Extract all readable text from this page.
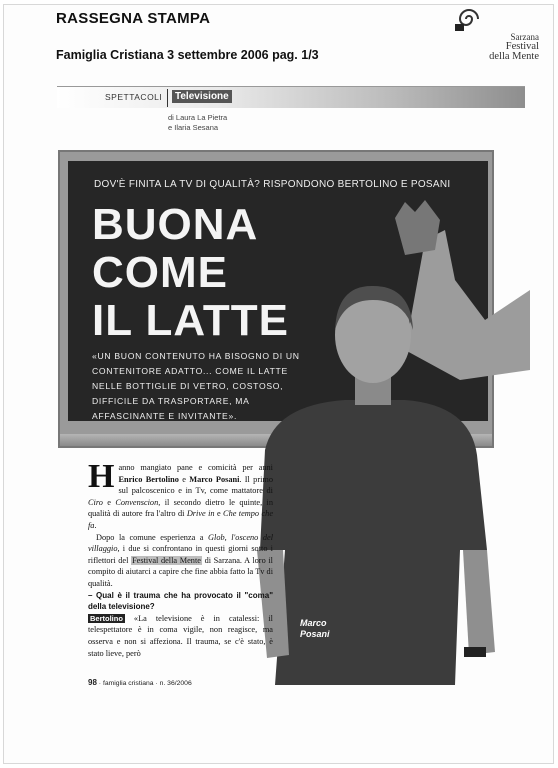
RASSEGNA STAMPA
Famiglia Cristiana 3 settembre 2006 pag. 1/3
Sarzana
Festival
della Mente
SPETTACOLI	Televisione
di Laura La Pietra
e Ilaria Sesana
DOV'È FINITA LA TV DI QUALITÀ? RISPONDONO BERTOLINO E POSANI
BUONA
COME
IL LATTE
«UN BUON CONTENUTO HA BISOGNO DI UN CONTENITORE ADATTO... COME IL LATTE NELLE BOTTIGLIE DI VETRO, COSTOSO, DIFFICILE DA TRASPORTARE, MA AFFASCINANTE E INVITANTE».

Hanno mangiato pane e comicità per anni Enrico Bertolino e Marco Posani. Il primo sul palcoscenico e in Tv, come mattatore di Ciro e Convenscion, il secondo dietro le quinte, in qualità di autore fra l'altro di Drive in e Che tempo che fa.

Dopo la comune esperienza a Glob, l'osceno del villaggio, i due si confrontano in questi giorni sotto i riflettori del Festival della Mente di Sarzana. A loro il compito di aiutarci a capire che fine abbia fatto la Tv di qualità.

– Qual è il trauma che ha provocato il "coma" della televisione?

Bertolino «La televisione è in catalessi: il telespettatore è in coma vigile, non reagisce, ma osserva e non si affeziona. Il trauma, se c'è stato, è stato lieve, però

Marco
Posani
98 · famiglia cristiana · n. 36/2006
